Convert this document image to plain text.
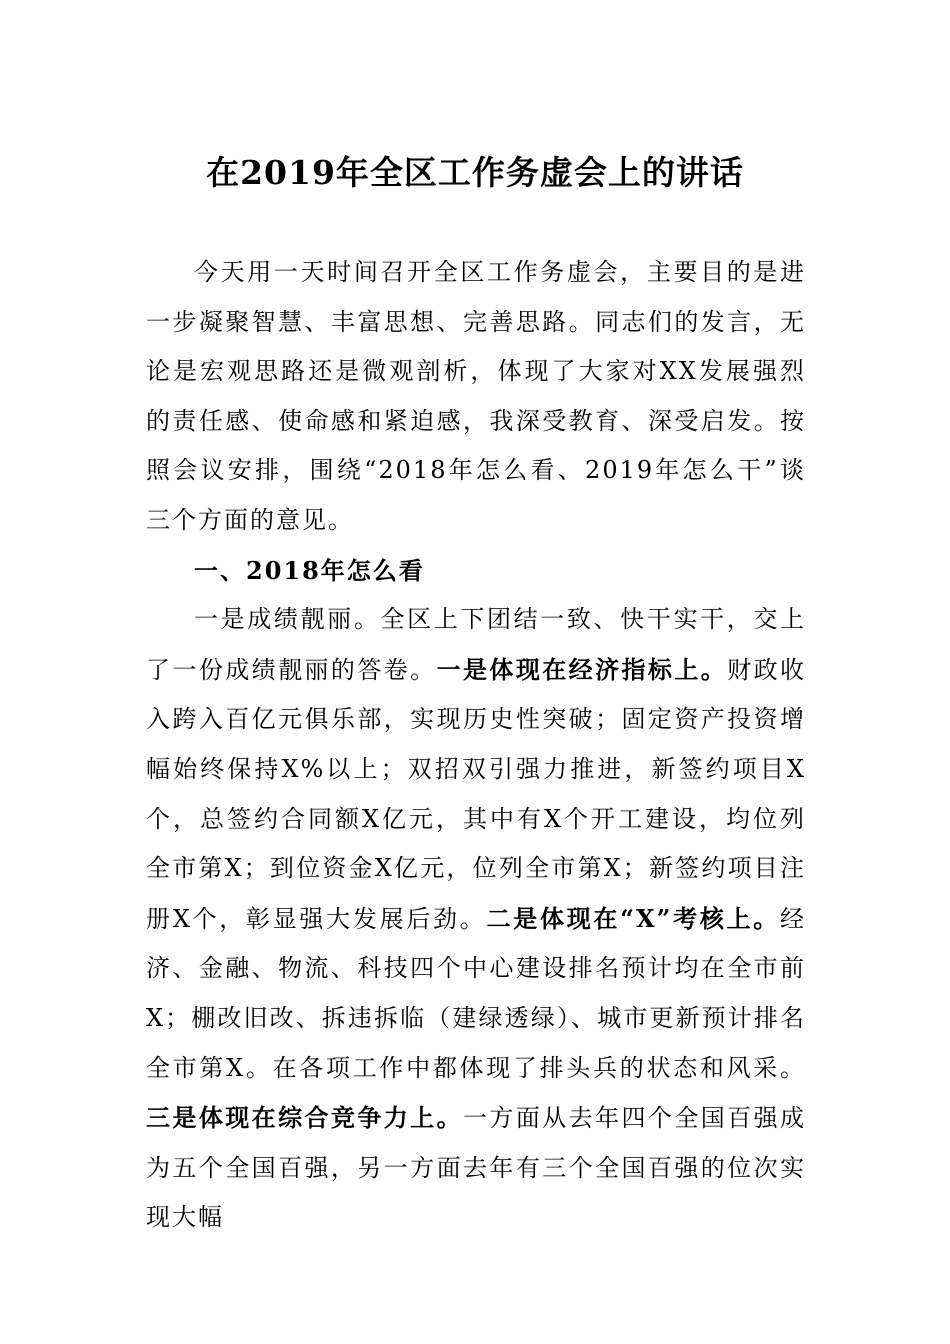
在2019年全区工作务虚会上的讲话

今天用一天时间召开全区工作务虚会，主要目的是进一步凝聚智慧、丰富思想、完善思路。同志们的发言，无论是宏观思路还是微观剖析，体现了大家对XX发展强烈的责任感、使命感和紧迫感，我深受教育、深受启发。按照会议安排，围绕“2018年怎么看、2019年怎么干”谈三个方面的意见。

一、2018年怎么看

一是成绩靓丽。全区上下团结一致、快干实干，交上了一份成绩靓丽的答卷。一是体现在经济指标上。财政收入跨入百亿元俱乐部，实现历史性突破；固定资产投资增幅始终保持X%以上；双招双引强力推进，新签约项目X个，总签约合同额X亿元，其中有X个开工建设，均位列全市第X；到位资金X亿元，位列全市第X；新签约项目注册X个，彰显强大发展后劲。二是体现在“X”考核上。经济、金融、物流、科技四个中心建设排名预计均在全市前X；棚改旧改、拆违拆临（建绿透绿）、城市更新预计排名全市第X。在各项工作中都体现了排头兵的状态和风采。三是体现在综合竞争力上。一方面从去年四个全国百强成为五个全国百强，另一方面去年有三个全国百强的位次实现大幅
